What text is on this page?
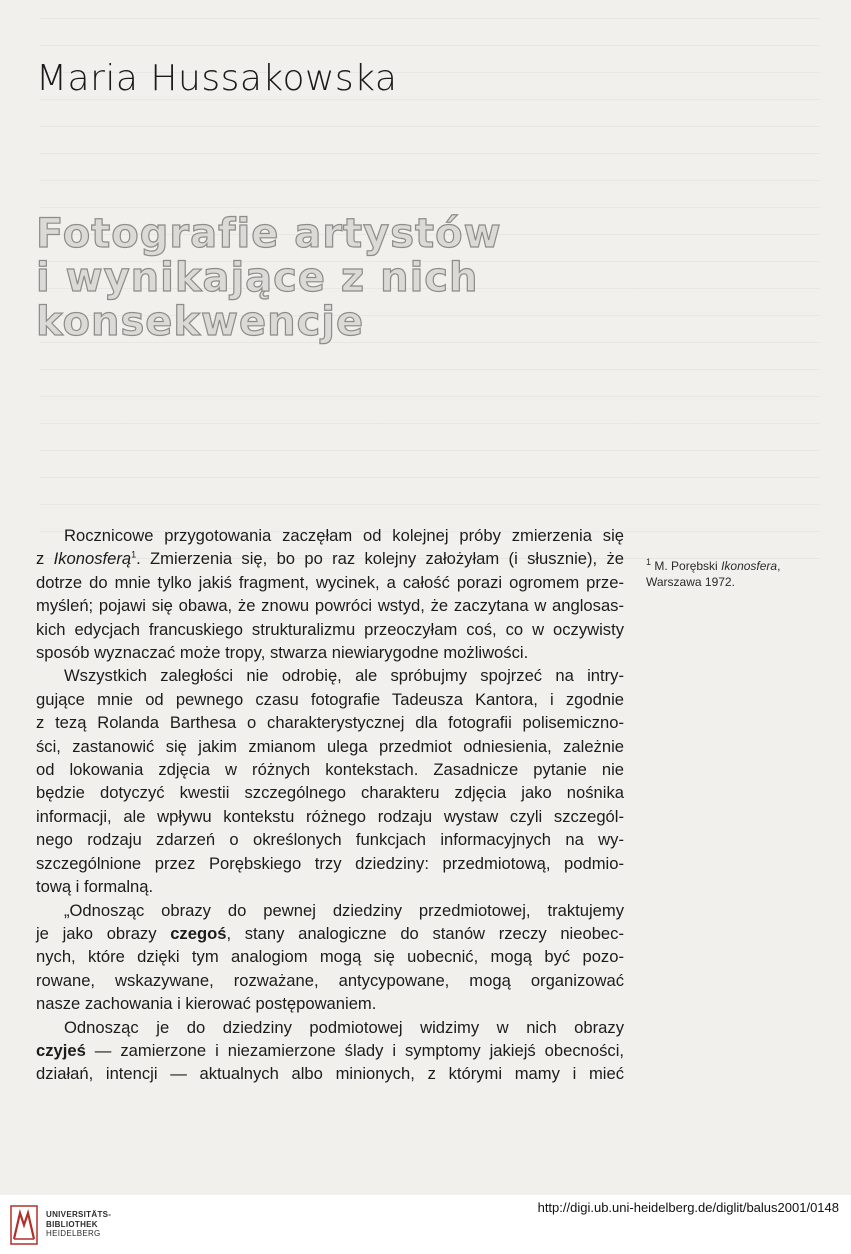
Maria Hussakowska
Fotografie artystów
i wynikające z nich
konsekwencje
Rocznicowe przygotowania zaczęłam od kolejnej próby zmierzenia się
z Ikonosferą$^1$. Zmierzenia się, bo po raz kolejny założyłam (i słusznie), że
dotrze do mnie tylko jakiś fragment, wycinek, a całość porazi ogromem prze-
myśleń; pojawi się obawa, że znowu powróci wstyd, że zaczytana w anglosas-
kich edycjach francuskiego strukturalizmu przeoczyłam coś, co w oczywisty
sposób wyznaczać może tropy, stwarza niewiarygodne możliwości.
Wszystkich zaległości nie odrobię, ale spróbujmy spojrzeć na intry-
gujące mnie od pewnego czasu fotografie Tadeusza Kantora, i zgodnie
z tezą Rolanda Barthesa o charakterystycznej dla fotografii polisemiczno-
ści, zastanowić się jakim zmianom ulega przedmiot odniesienia, zależnie
od lokowania zdjęcia w różnych kontekstach. Zasadnicze pytanie nie
będzie dotyczyć kwestii szczególnego charakteru zdjęcia jako nośnika
informacji, ale wpływu kontekstu różnego rodzaju wystaw czyli szczegól-
nego rodzaju zdarzeń o określonych funkcjach informacyjnych na wy-
szczególnione przez Porębskiego trzy dziedziny: przedmiotową, podmio-
tową i formalną.
„Odnosząc obrazy do pewnej dziedziny przedmiotowej, traktujemy
je jako obrazy czegoś, stany analogiczne do stanów rzeczy nieobec-
nych, które dzięki tym analogiom mogą się uobecnić, mogą być pozo-
rowane, wskazywane, rozważane, antycypowane, mogą organizować
nasze zachowania i kierować postępowaniem.
Odnosząc je do dziedziny podmiotowej widzimy w nich obrazy
czyjeś — zamierzone i niezamierzone ślady i symptomy jakiejś obecności,
działań, intencji — aktualnych albo minionych, z którymi mamy i mieć
$^1$ M. Porębski Ikonosfera,
Warszawa 1972.
UNIVERSITÄTS-
BIBLIOTHEK
HEIDELBERG
http://digi.ub.uni-heidelberg.de/diglit/balus2001/0148
